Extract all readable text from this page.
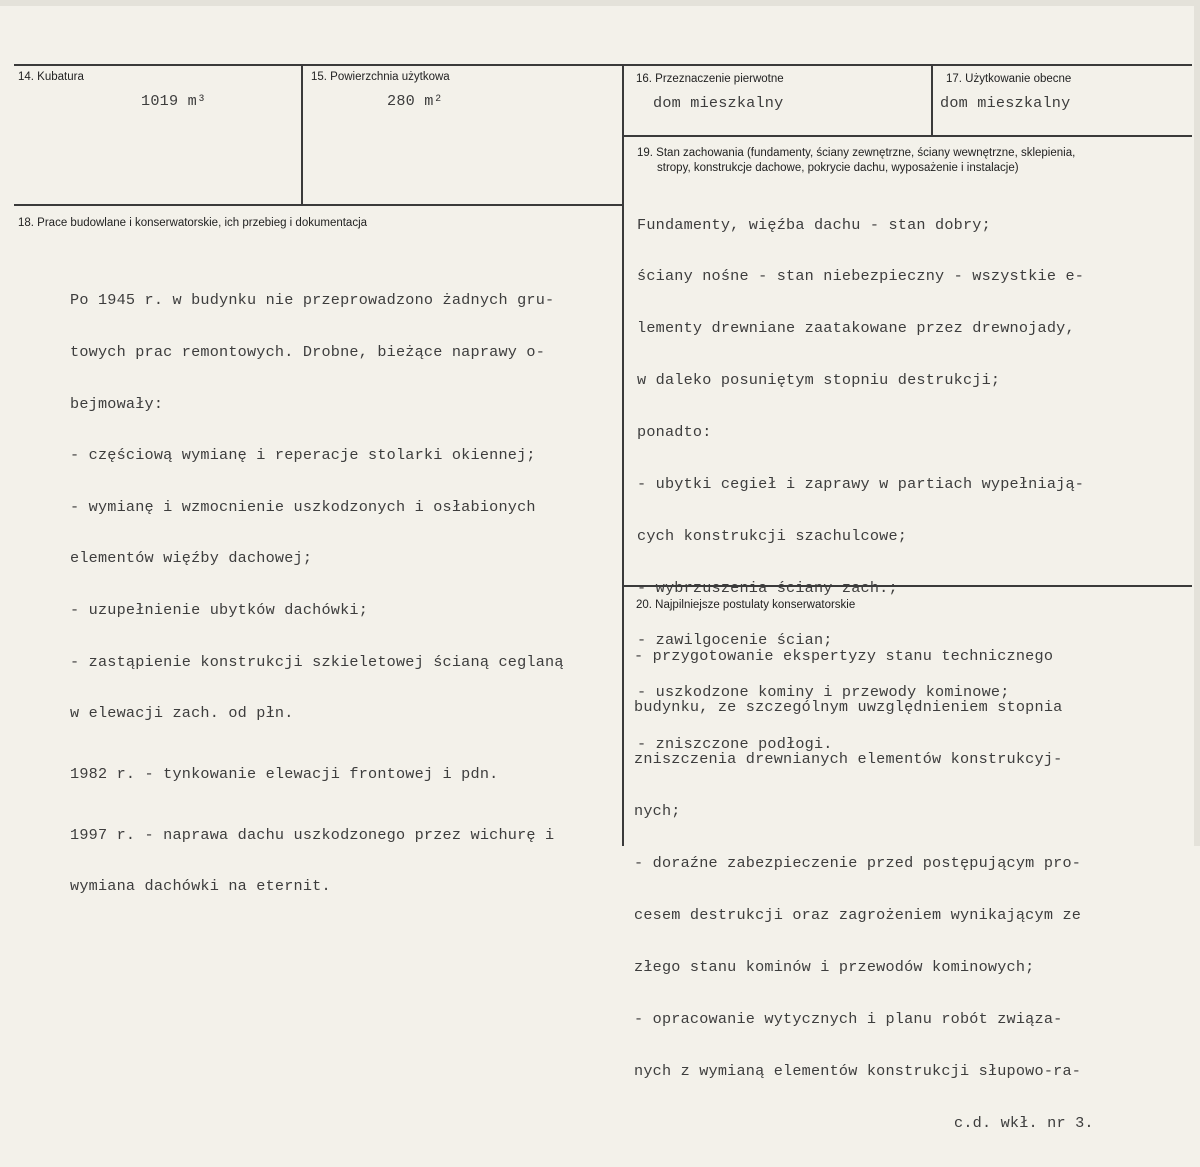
14. Kubatura
1019 m³
15. Powierzchnia użytkowa
280 m²
16. Przeznaczenie pierwotne
dom mieszkalny
17. Użytkowanie obecne
dom mieszkalny
18. Prace budowlane i konserwatorskie, ich przebieg i dokumentacja

Po 1945 r. w budynku nie przeprowadzono żadnych gru-

towych prac remontowych. Drobne, bieżące naprawy o-

bejmowały:

- częściową wymianę i reperacje stolarki okiennej;

- wymianę i wzmocnienie uszkodzonych i osłabionych

elementów więźby dachowej;

- uzupełnienie ubytków dachówki;

- zastąpienie konstrukcji szkieletowej ścianą ceglaną

w elewacji zach. od płn.

1982 r. - tynkowanie elewacji frontowej i pdn.

1997 r. - naprawa dachu uszkodzonego przez wichurę i

wymiana dachówki na eternit.

19. Stan zachowania (fundamenty, ściany zewnętrzne, ściany wewnętrzne, sklepienia,
stropy, konstrukcje dachowe, pokrycie dachu, wyposażenie i instalacje)

Fundamenty, więźba dachu - stan dobry;

ściany nośne - stan niebezpieczny - wszystkie e-

lementy drewniane zaatakowane przez drewnojady,

w daleko posuniętym stopniu destrukcji;

ponadto:

- ubytki cegieł i zaprawy w partiach wypełniają-

cych konstrukcji szachulcowe;

- wybrzuszenia ściany zach.;

- zawilgocenie ścian;

- uszkodzone kominy i przewody kominowe;

- zniszczone podłogi.

20. Najpilniejsze postulaty konserwatorskie

- przygotowanie ekspertyzy stanu technicznego

budynku, ze szczególnym uwzględnieniem stopnia

zniszczenia drewnianych elementów konstrukcyj-

nych;

- doraźne zabezpieczenie przed postępującym pro-

cesem destrukcji oraz zagrożeniem wynikającym ze

złego stanu kominów i przewodów kominowych;

- opracowanie wytycznych i planu robót związa-

nych z wymianą elementów konstrukcji słupowo-ra-

c.d. wkł. nr 3.
